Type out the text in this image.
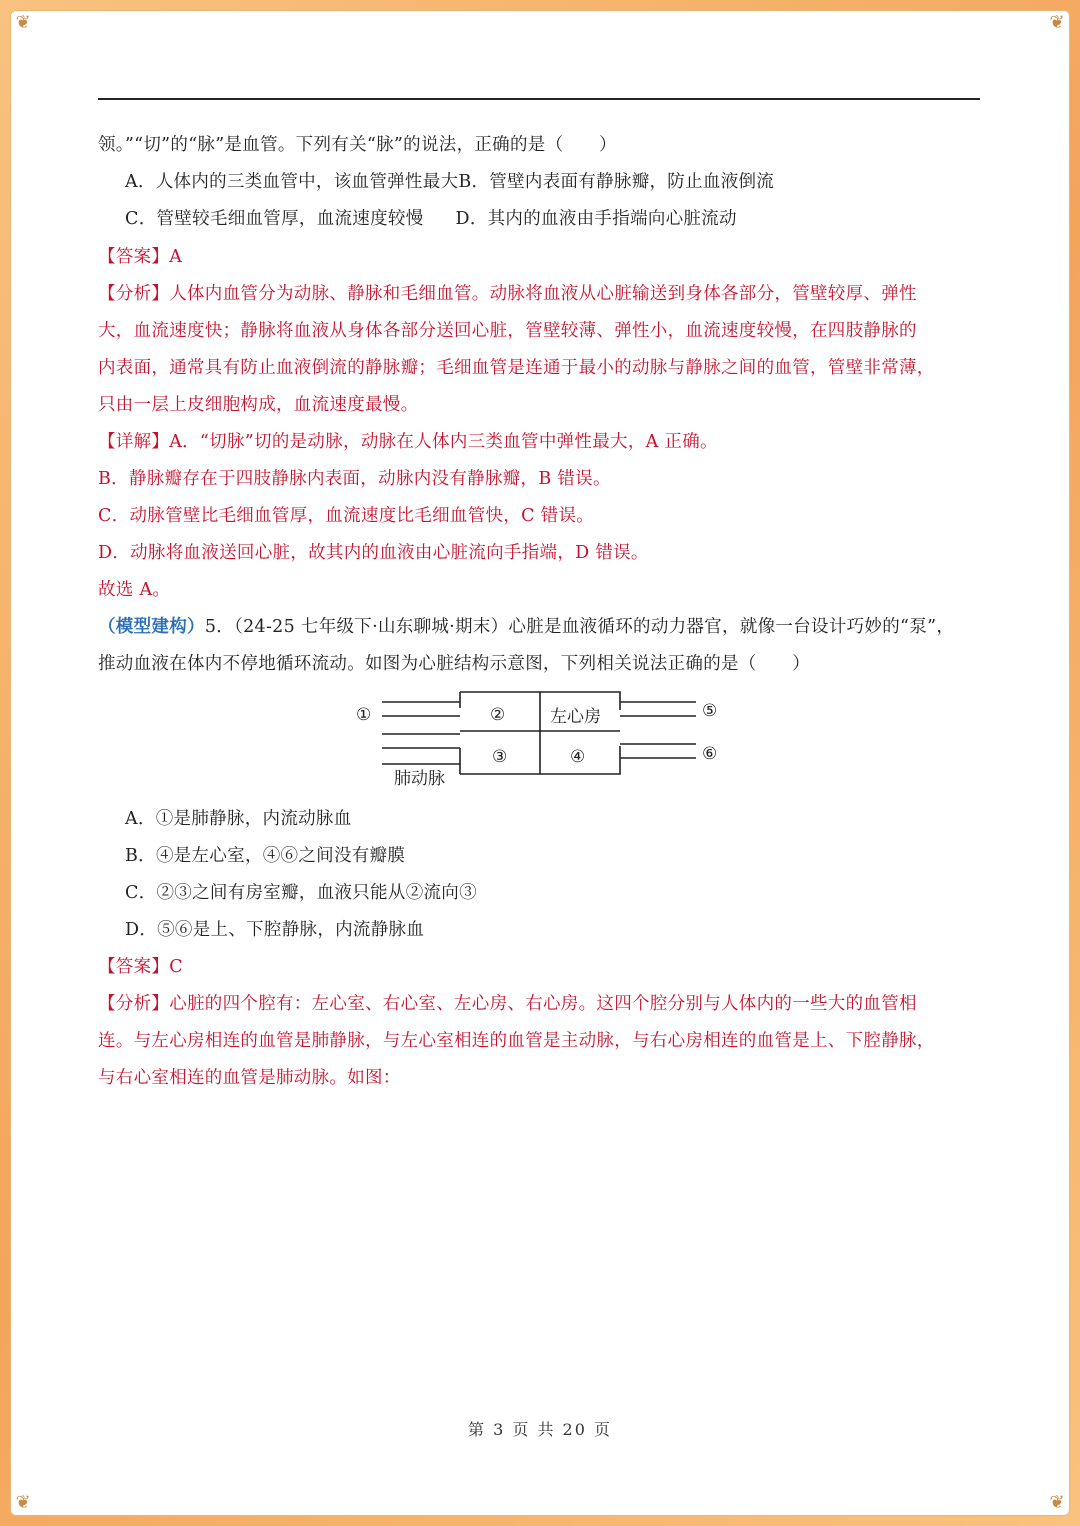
❦	❦
❦	❦
领。”“切”的“脉”是血管。下列有关“脉”的说法，正确的是（　　）
A．人体内的三类血管中，该血管弹性最大B．管壁内表面有静脉瓣，防止血液倒流
C．管壁较毛细血管厚，血流速度较慢 D．其内的血液由手指端向心脏流动
【答案】A
【分析】人体内血管分为动脉、静脉和毛细血管。动脉将血液从心脏输送到身体各部分，管壁较厚、弹性
大，血流速度快；静脉将血液从身体各部分送回心脏，管壁较薄、弹性小，血流速度较慢，在四肢静脉的
内表面，通常具有防止血液倒流的静脉瓣；毛细血管是连通于最小的动脉与静脉之间的血管，管壁非常薄，
只由一层上皮细胞构成，血流速度最慢。
【详解】A．“切脉”切的是动脉，动脉在人体内三类血管中弹性最大，A 正确。
B．静脉瓣存在于四肢静脉内表面，动脉内没有静脉瓣，B 错误。
C．动脉管壁比毛细血管厚，血流速度比毛细血管快，C 错误。
D．动脉将血液送回心脏，故其内的血液由心脏流向手指端，D 错误。
故选 A。
（模型建构）5．（24-25 七年级下·山东聊城·期末）心脏是血液循环的动力器官，就像一台设计巧妙的“泵”，
推动血液在体内不停地循环流动。如图为心脏结构示意图，下列相关说法正确的是（　　）
①	②
③	④
⑤
⑥
左心房
肺动脉
A．①是肺静脉，内流动脉血
B．④是左心室，④⑥之间没有瓣膜
C．②③之间有房室瓣，血液只能从②流向③
D．⑤⑥是上、下腔静脉，内流静脉血
【答案】C
【分析】心脏的四个腔有：左心室、右心室、左心房、右心房。这四个腔分别与人体内的一些大的血管相
连。与左心房相连的血管是肺静脉，与左心室相连的血管是主动脉，与右心房相连的血管是上、下腔静脉，
与右心室相连的血管是肺动脉。如图：
第 3 页 共 20 页
